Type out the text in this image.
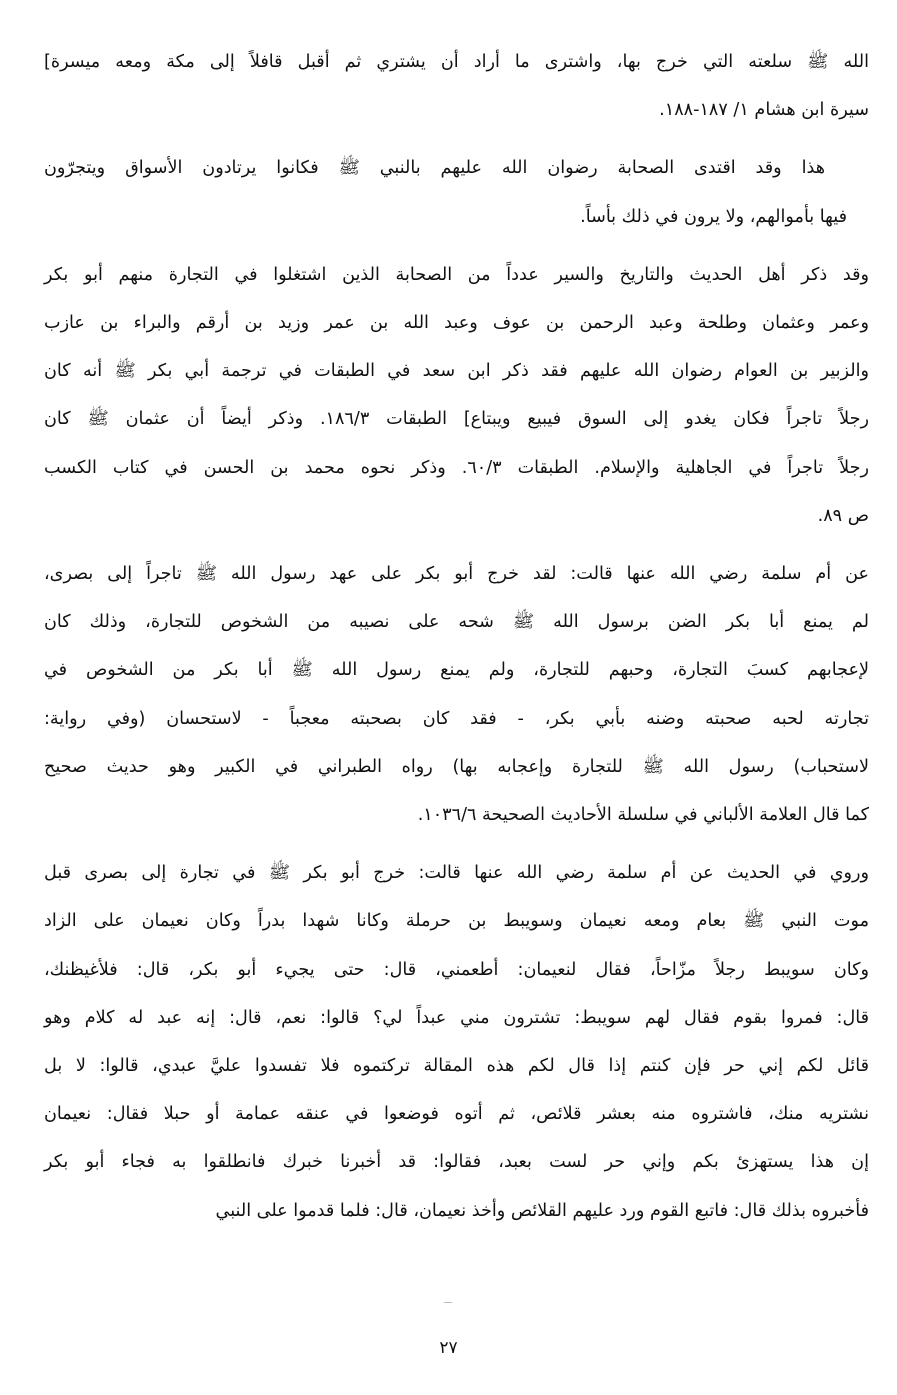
الله ﷺ سلعته التي خرج بها، واشترى ما أراد أن يشتري ثم أقبل قافلاً إلى مكة ومعه ميسرة]
سيرة ابن هشام ١/ ١٨٧-١٨٨.
هذا وقد اقتدى الصحابة رضوان الله عليهم بالنبي ﷺ فكانوا يرتادون الأسواق ويتجرّون
فيها بأموالهم، ولا يرون في ذلك بأساً.
وقد ذكر أهل الحديث والتاريخ والسير عدداً من الصحابة الذين اشتغلوا في التجارة منهم أبو بكر
وعمر وعثمان وطلحة وعبد الرحمن بن عوف وعبد الله بن عمر وزيد بن أرقم والبراء بن عازب
والزبير بن العوام رضوان الله عليهم فقد ذكر ابن سعد في الطبقات في ترجمة أبي بكر ﷺ أنه كان
رجلاً تاجراً فكان يغدو إلى السوق فيبيع ويبتاع] الطبقات ١٨٦/٣. وذكر أيضاً أن عثمان ﷺ كان
رجلاً تاجراً في الجاهلية والإسلام. الطبقات ٦٠/٣. وذكر نحوه محمد بن الحسن في كتاب الكسب
ص ٨٩.
عن أم سلمة رضي الله عنها قالت: لقد خرج أبو بكر على عهد رسول الله ﷺ تاجراً إلى بصرى،
لم يمنع أبا بكر الضن برسول الله ﷺ شحه على نصيبه من الشخوص للتجارة، وذلك كان
لإعجابهم كسبَ التجارة، وحبهم للتجارة، ولم يمنع رسول الله ﷺ أبا بكر من الشخوص في
تجارته لحبه صحبته وضنه بأبي بكر، - فقد كان بصحبته معجباً - لاستحسان (وفي رواية:
لاستحباب) رسول الله ﷺ للتجارة وإعجابه بها) رواه الطبراني في الكبير وهو حديث صحيح
كما قال العلامة الألباني في سلسلة الأحاديث الصحيحة ١٠٣٦/٦.
وروي في الحديث عن أم سلمة رضي الله عنها قالت: خرج أبو بكر ﷺ في تجارة إلى بصرى قبل
موت النبي ﷺ بعام ومعه نعيمان وسويبط بن حرملة وكانا شهدا بدراً وكان نعيمان على الزاد
وكان سويبط رجلاً مزّاحاً، فقال لنعيمان: أطعمني، قال: حتى يجيء أبو بكر، قال: فلأغيظنك،
قال: فمروا بقوم فقال لهم سويبط: تشترون مني عبداً لي؟ قالوا: نعم، قال: إنه عبد له كلام وهو
قائل لكم إني حر فإن كنتم إذا قال لكم هذه المقالة تركتموه فلا تفسدوا عليَّ عبدي، قالوا: لا بل
نشتريه منك، فاشتروه منه بعشر قلائص، ثم أتوه فوضعوا في عنقه عمامة أو حبلا فقال: نعيمان
إن هذا يستهزئ بكم وإني حر لست بعبد، فقالوا: قد أخبرنا خبرك فانطلقوا به فجاء أبو بكر
فأخبروه بذلك قال: فاتبع القوم ورد عليهم القلائص وأخذ نعيمان، قال: فلما قدموا على النبي
٢٧
